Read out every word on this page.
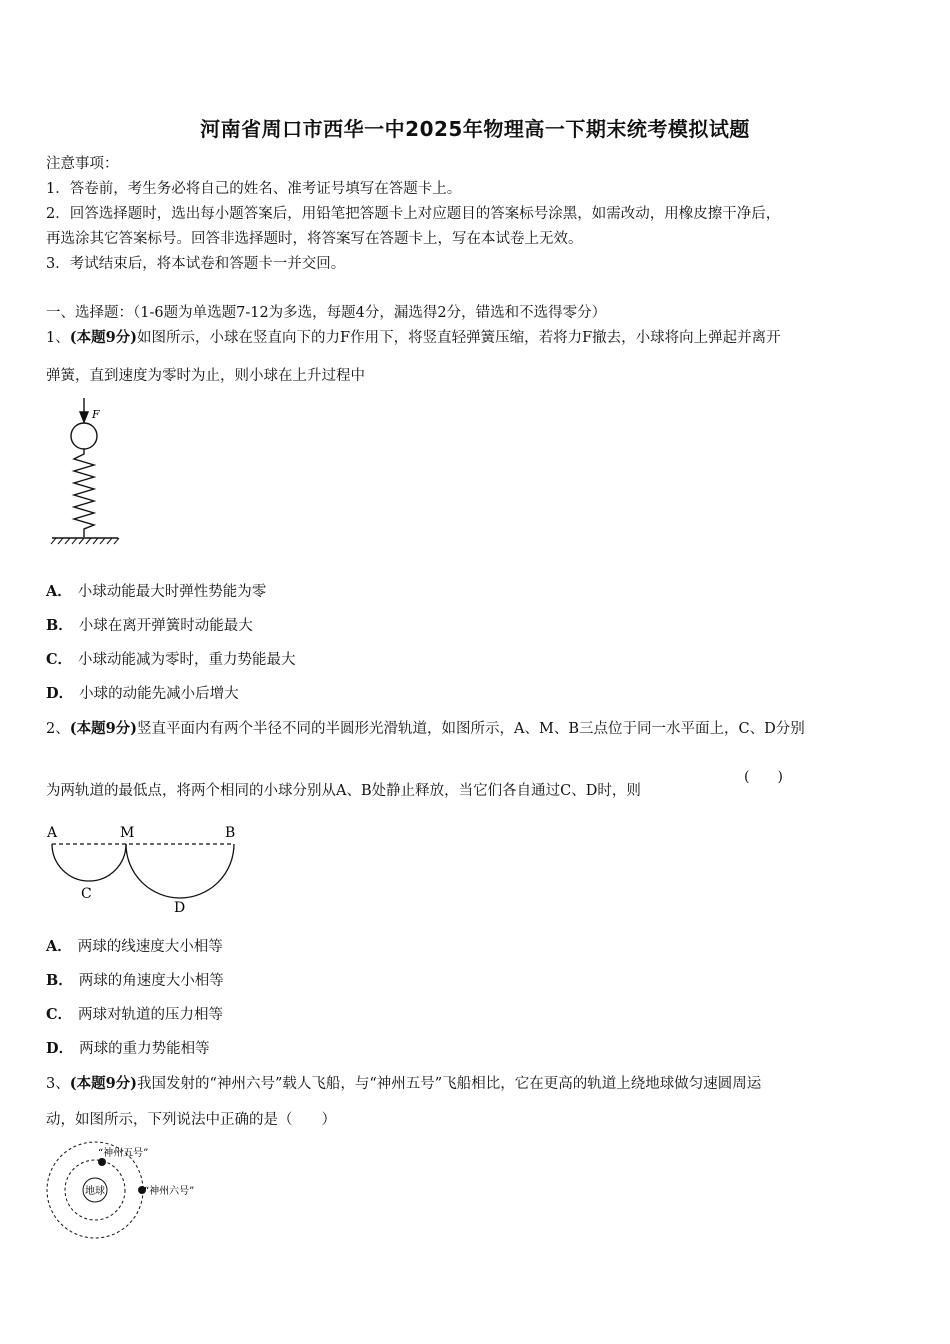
河南省周口市西华一中2025年物理高一下期末统考模拟试题
注意事项：
1．答卷前，考生务必将自己的姓名、准考证号填写在答题卡上。
2．回答选择题时，选出每小题答案后，用铅笔把答题卡上对应题目的答案标号涂黑，如需改动，用橡皮擦干净后，
再选涂其它答案标号。回答非选择题时，将答案写在答题卡上，写在本试卷上无效。
3．考试结束后，将本试卷和答题卡一并交回。
一、选择题：（1-6题为单选题7-12为多选，每题4分，漏选得2分，错选和不选得零分）
1、(本题9分)如图所示，小球在竖直向下的力F作用下，将竖直轻弹簧压缩，若将力F撤去，小球将向上弹起并离开
弹簧，直到速度为零时为止，则小球在上升过程中
F
A． 小球动能最大时弹性势能为零
B． 小球在离开弹簧时动能最大
C． 小球动能减为零时，重力势能最大
D． 小球的动能先减小后增大
2、(本题9分)竖直平面内有两个半径不同的半圆形光滑轨道，如图所示，A、M、B三点位于同一水平面上，C、D分别
为两轨道的最低点，将两个相同的小球分别从A、B处静止释放，当它们各自通过C、D时，则
(　　)
A	M	B
C
D
A． 两球的线速度大小相等
B． 两球的角速度大小相等
C． 两球对轨道的压力相等
D． 两球的重力势能相等
3、(本题9分)我国发射的“神州六号”载人飞船，与“神州五号”飞船相比，它在更高的轨道上绕地球做匀速圆周运
动，如图所示，下列说法中正确的是（　　）
“神州五号”
“神州六号”
地球
